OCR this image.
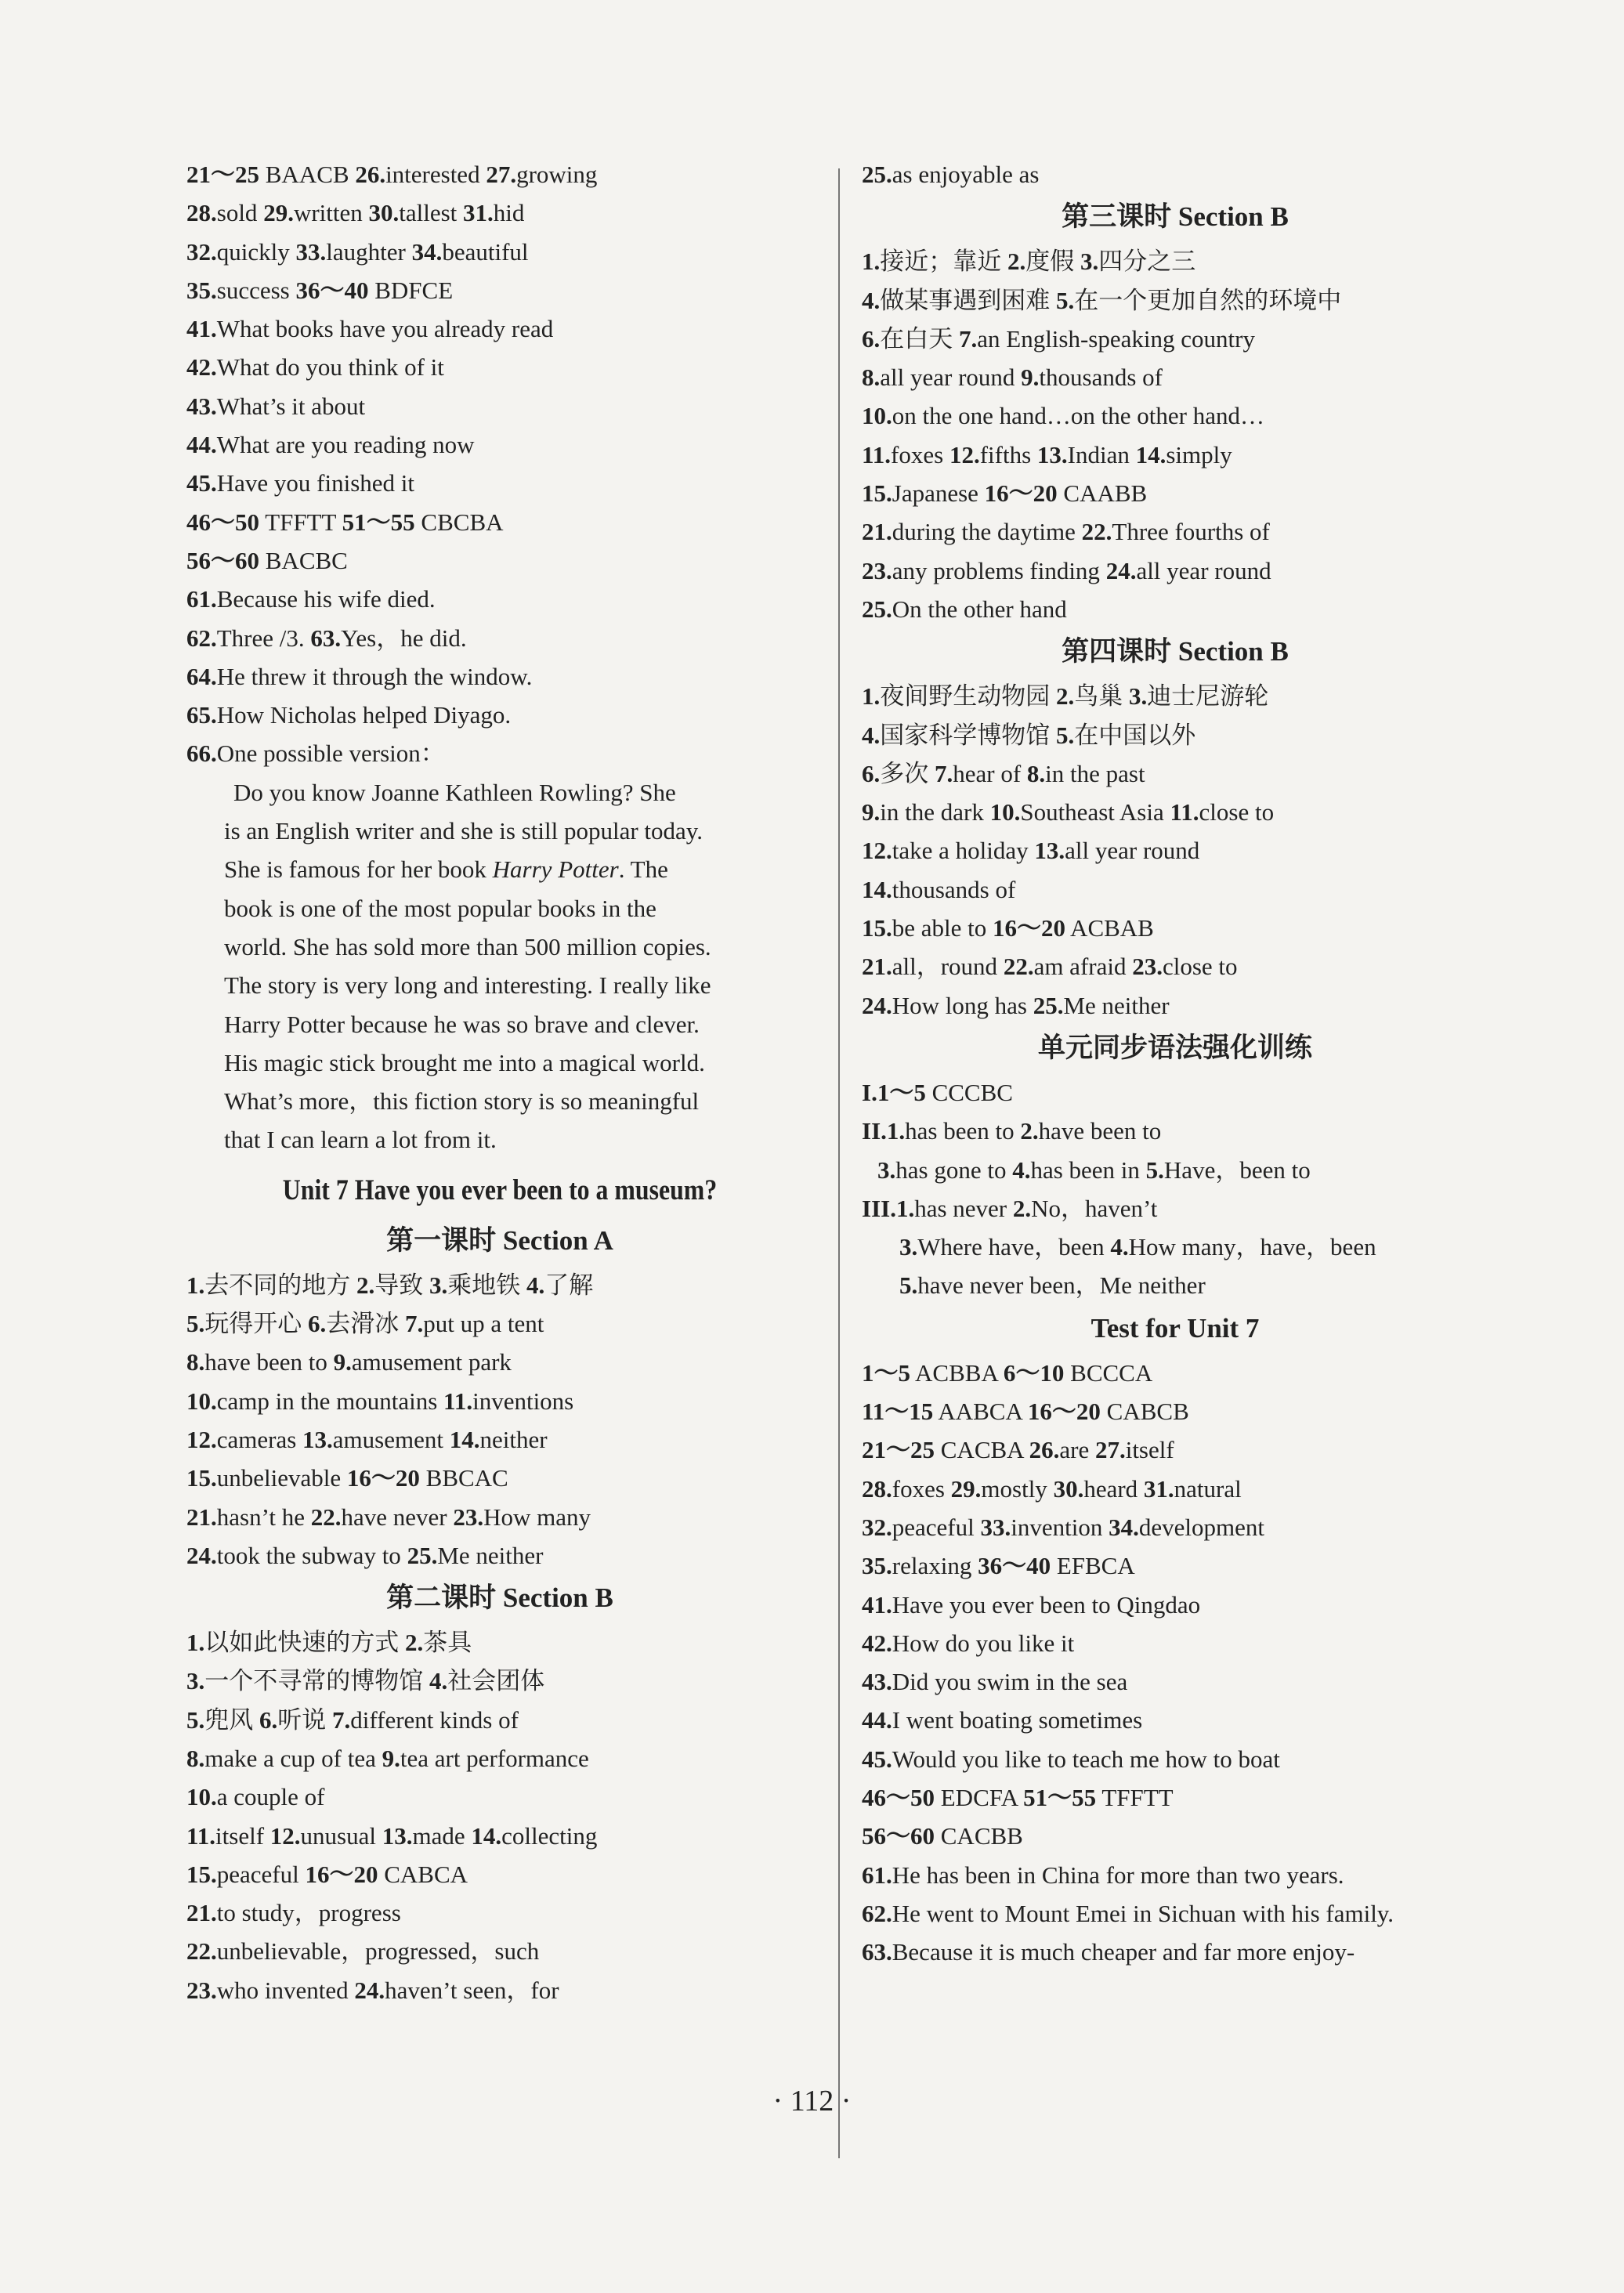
21～25 BAACB 26.interested 27.growing
28.sold 29.written 30.tallest 31.hid
32.quickly 33.laughter 34.beautiful
35.success 36～40 BDFCE
41.What books have you already read
42.What do you think of it
43.What’s it about
44.What are you reading now
45.Have you finished it
46～50 TFFTT 51～55 CBCBA
56～60 BACBC
61.Because his wife died.
62.Three /3. 63.Yes，he did.
64.He threw it through the window.
65.How Nicholas helped Diyago.
66.One possible version：
Do you know Joanne Kathleen Rowling? She
is an English writer and she is still popular today.
She is famous for her book Harry Potter. The
book is one of the most popular books in the
world. She has sold more than 500 million copies.
The story is very long and interesting. I really like
Harry Potter because he was so brave and clever.
His magic stick brought me into a magical world.
What’s more，this fiction story is so meaningful
that I can learn a lot from it.
Unit 7 Have you ever been to a museum?
第一课时 Section A
1.去不同的地方 2.导致 3.乘地铁 4.了解
5.玩得开心 6.去滑冰 7.put up a tent
8.have been to 9.amusement park
10.camp in the mountains 11.inventions
12.cameras 13.amusement 14.neither
15.unbelievable 16～20 BBCAC
21.hasn’t he 22.have never 23.How many
24.took the subway to 25.Me neither
第二课时 Section B
1.以如此快速的方式 2.茶具
3.一个不寻常的博物馆 4.社会团体
5.兜风 6.听说 7.different kinds of
8.make a cup of tea 9.tea art performance
10.a couple of
11.itself 12.unusual 13.made 14.collecting
15.peaceful 16～20 CABCA
21.to study，progress
22.unbelievable，progressed，such
23.who invented 24.haven’t seen，for
25.as enjoyable as
第三课时 Section B
1.接近；靠近 2.度假 3.四分之三
4.做某事遇到困难 5.在一个更加自然的环境中
6.在白天 7.an English-speaking country
8.all year round 9.thousands of
10.on the one hand…on the other hand…
11.foxes 12.fifths 13.Indian 14.simply
15.Japanese 16～20 CAABB
21.during the daytime 22.Three fourths of
23.any problems finding 24.all year round
25.On the other hand
第四课时 Section B
1.夜间野生动物园 2.鸟巢 3.迪士尼游轮
4.国家科学博物馆 5.在中国以外
6.多次 7.hear of 8.in the past
9.in the dark 10.Southeast Asia 11.close to
12.take a holiday 13.all year round
14.thousands of
15.be able to 16～20 ACBAB
21.all，round 22.am afraid 23.close to
24.How long has 25.Me neither
单元同步语法强化训练
I.1～5 CCCBC
II.1.has been to 2.have been to
3.has gone to 4.has been in 5.Have，been to
III.1.has never 2.No，haven’t
3.Where have，been 4.How many，have，been
5.have never been，Me neither
Test for Unit 7
1～5 ACBBA 6～10 BCCCA
11～15 AABCA 16～20 CABCB
21～25 CACBA 26.are 27.itself
28.foxes 29.mostly 30.heard 31.natural
32.peaceful 33.invention 34.development
35.relaxing 36～40 EFBCA
41.Have you ever been to Qingdao
42.How do you like it
43.Did you swim in the sea
44.I went boating sometimes
45.Would you like to teach me how to boat
46～50 EDCFA 51～55 TFFTT
56～60 CACBB
61.He has been in China for more than two years.
62.He went to Mount Emei in Sichuan with his family.
63.Because it is much cheaper and far more enjoy-
· 112 ·
